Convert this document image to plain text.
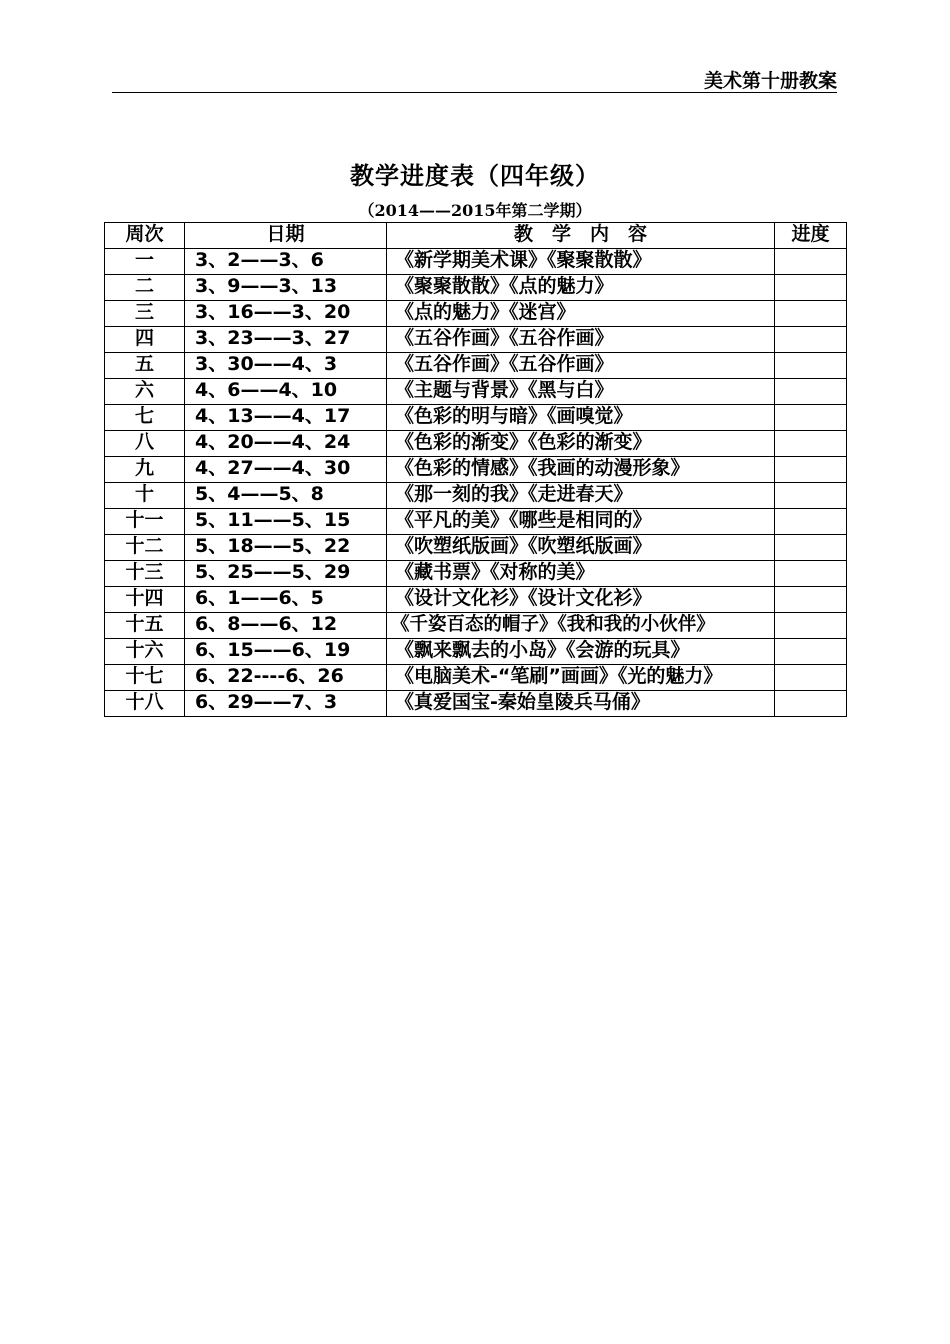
美术第十册教案
教学进度表（四年级）
（2014——2015年第二学期）
周次	日期	教　学　内　容	进度
一	3、2——3、6	《新学期美术课》《聚聚散散》	
二	3、9——3、13	《聚聚散散》《点的魅力》	
三	3、16——3、20	《点的魅力》《迷宫》	
四	3、23——3、27	《五谷作画》《五谷作画》	
五	3、30——4、3	《五谷作画》《五谷作画》	
六	4、6——4、10	《主题与背景》《黑与白》	
七	4、13——4、17	《色彩的明与暗》《画嗅觉》	
八	4、20——4、24	《色彩的渐变》《色彩的渐变》	
九	4、27——4、30	《色彩的情感》《我画的动漫形象》	
十	5、4——5、8	《那一刻的我》《走进春天》	
十一	5、11——5、15	《平凡的美》《哪些是相同的》	
十二	5、18——5、22	《吹塑纸版画》《吹塑纸版画》	
十三	5、25——5、29	《藏书票》《对称的美》	
十四	6、1——6、5	《设计文化衫》《设计文化衫》	
十五	6、8——6、12	《千姿百态的帽子》《我和我的小伙伴》	
十六	6、15——6、19	《飘来飘去的小岛》《会游的玩具》	
十七	6、22----6、26	《电脑美术-“笔刷”画画》《光的魅力》	
十八	6、29——7、3	《真爱国宝-秦始皇陵兵马俑》	
